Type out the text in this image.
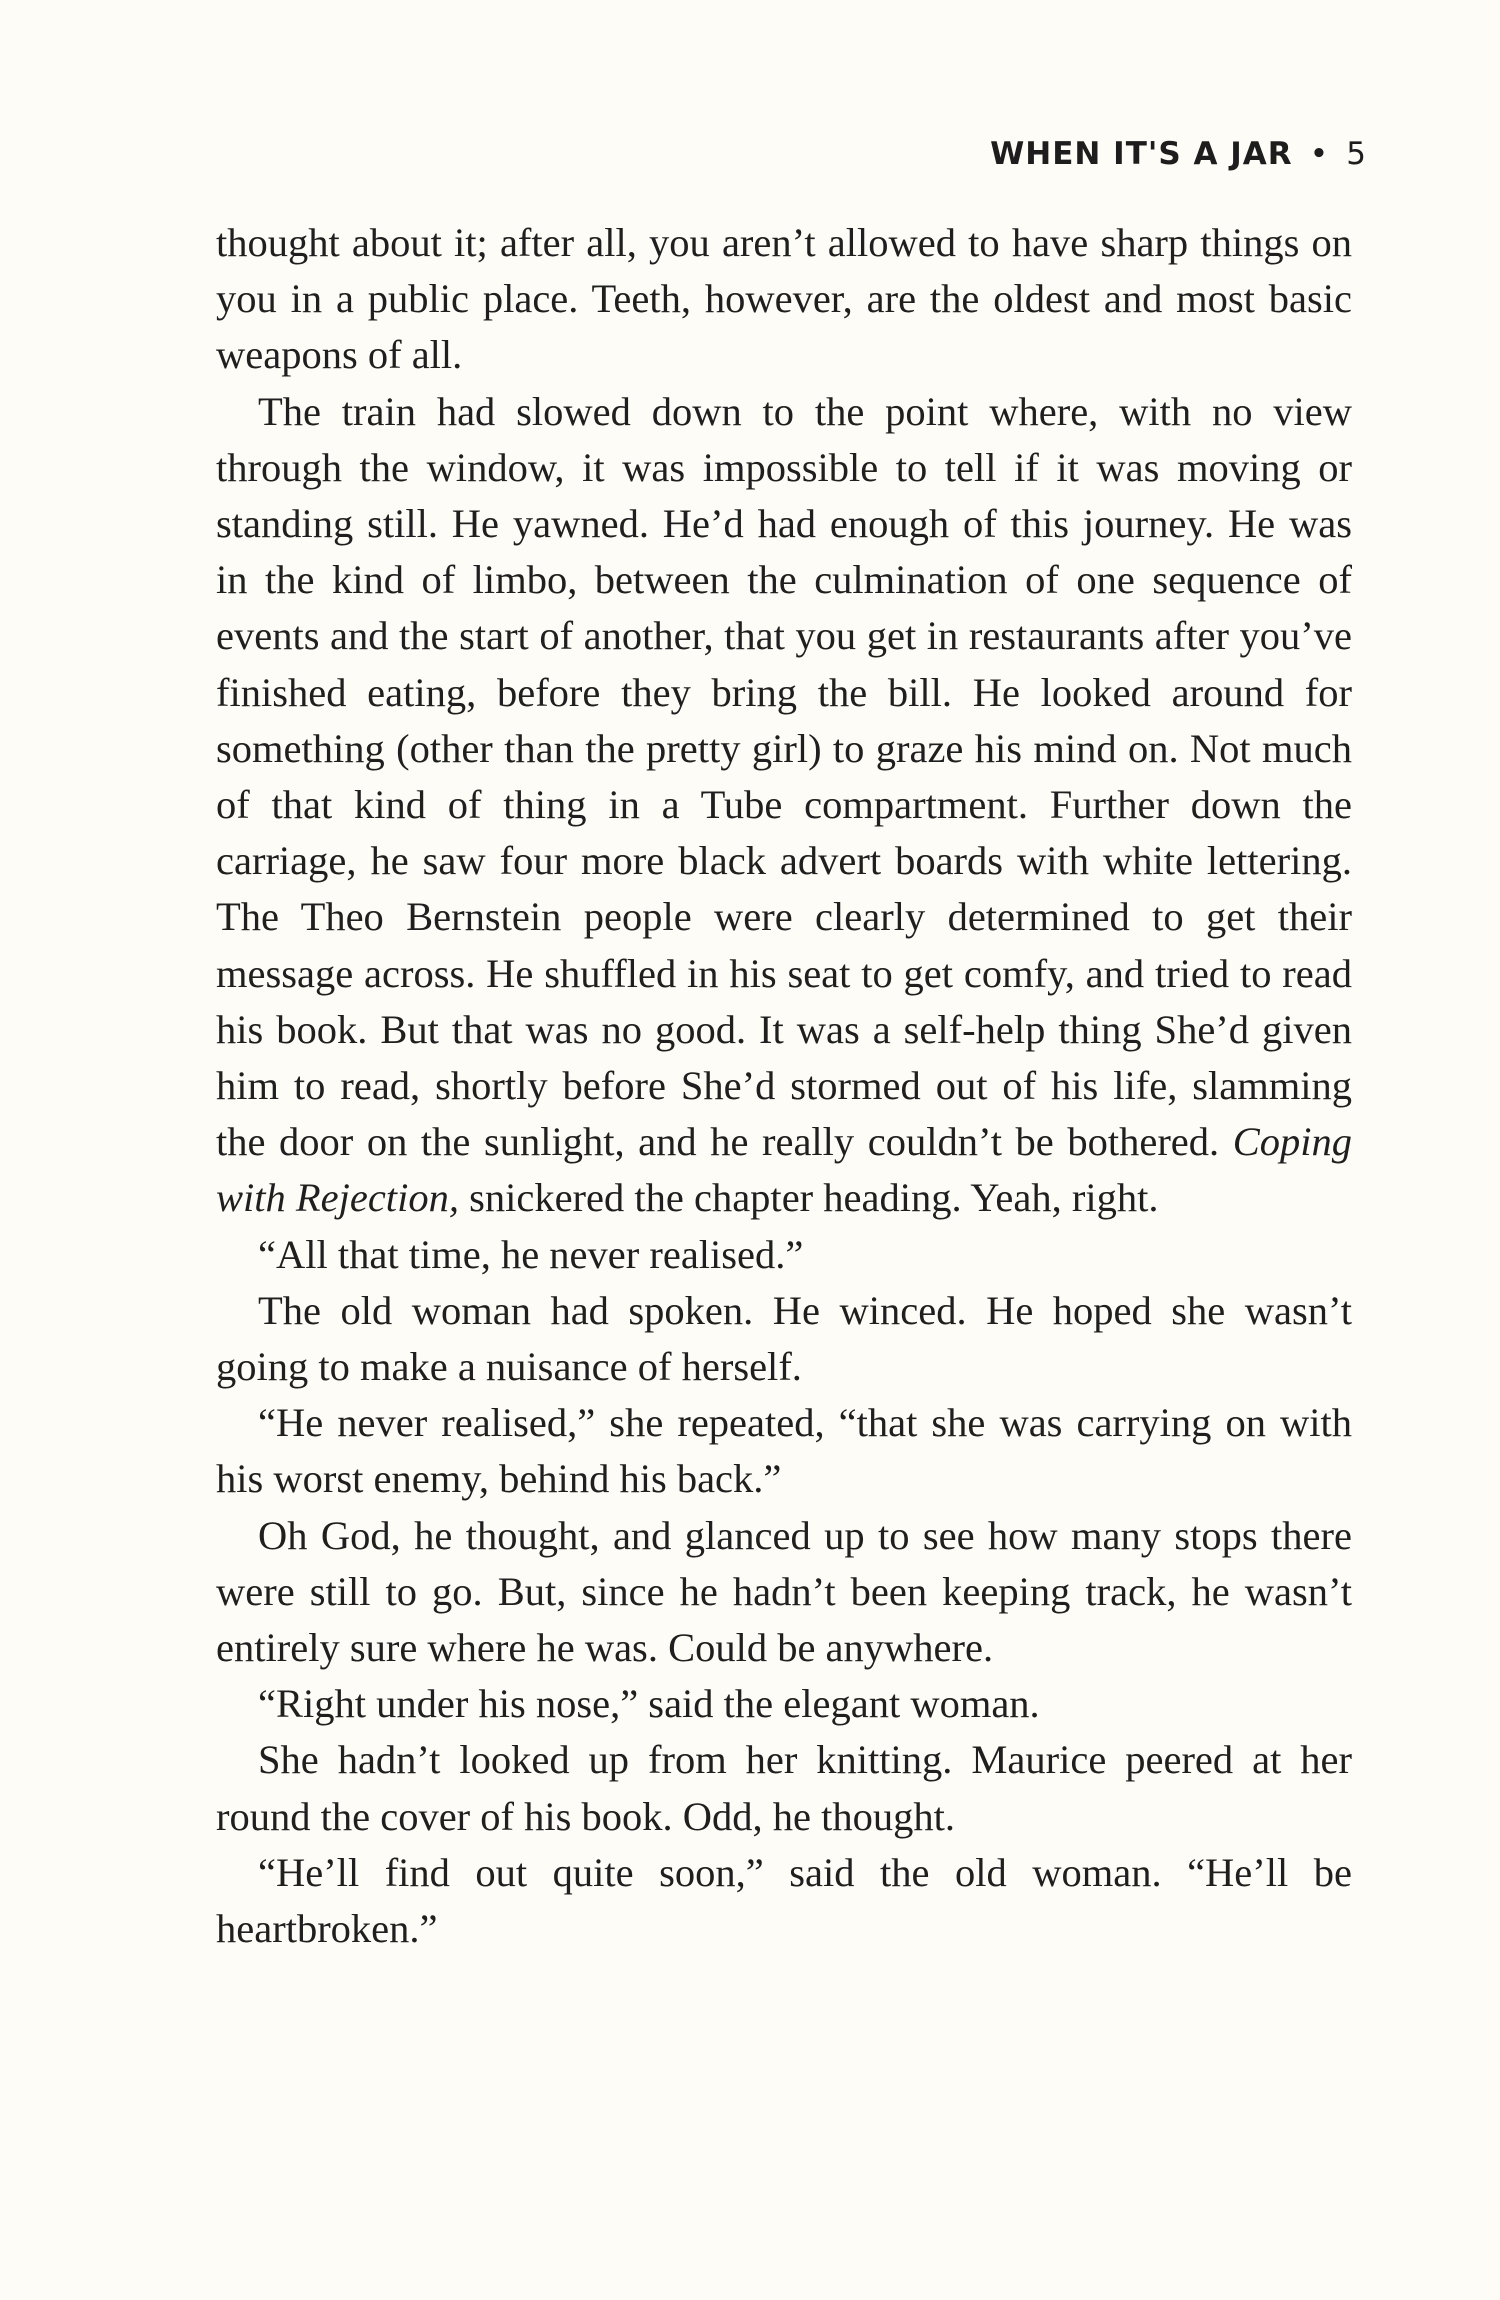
WHEN IT'S A JAR • 5

thought about it; after all, you aren’t allowed to have sharp things on you in a public place. Teeth, however, are the oldest and most basic weapons of all.

The train had slowed down to the point where, with no view through the window, it was impossible to tell if it was moving or standing still. He yawned. He’d had enough of this journey. He was in the kind of limbo, between the culmination of one sequence of events and the start of another, that you get in restaurants after you’ve finished eating, before they bring the bill. He looked around for something (other than the pretty girl) to graze his mind on. Not much of that kind of thing in a Tube compartment. Further down the carriage, he saw four more black advert boards with white lettering. The Theo Bernstein people were clearly determined to get their message across. He shuffled in his seat to get comfy, and tried to read his book. But that was no good. It was a self-help thing She’d given him to read, shortly before She’d stormed out of his life, slamming the door on the sunlight, and he really couldn’t be bothered. Coping with Rejection, snickered the chapter heading. Yeah, right.

“All that time, he never realised.”

The old woman had spoken. He winced. He hoped she wasn’t going to make a nuisance of herself.

“He never realised,” she repeated, “that she was carrying on with his worst enemy, behind his back.”

Oh God, he thought, and glanced up to see how many stops there were still to go. But, since he hadn’t been keeping track, he wasn’t entirely sure where he was. Could be anywhere.

“Right under his nose,” said the elegant woman.

She hadn’t looked up from her knitting. Maurice peered at her round the cover of his book. Odd, he thought.

“He’ll find out quite soon,” said the old woman. “He’ll be heartbroken.”
